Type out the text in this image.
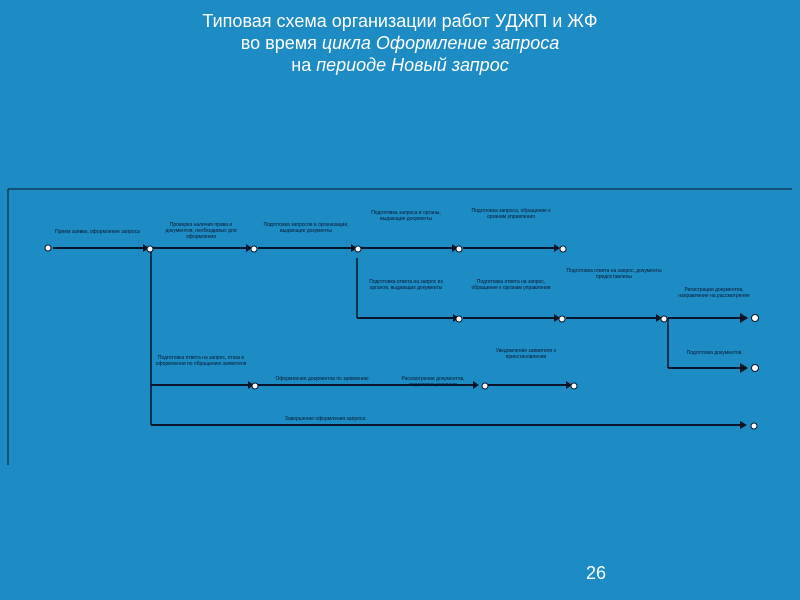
Типовая схема организации работ УДЖП и ЖФ
во время цикла Оформление запроса
на периоде Новый запрос
Прием заявки, оформление запроса
Проверка наличия права и документов, необходимых для оформления
Подготовка запросов в организации, выдающие документы
Подготовка запроса в органы, выдающие документы
Подготовка запроса, обращение к органам управления
Подготовка ответа на запрос из органов, выдающих документы
Подготовка ответа на запрос, обращение к органам управления
Подготовка ответа на запрос, документы предоставлены
Регистрация документов, направление на рассмотрение
Подготовка документов
Подготовка ответа на запрос, отказ в оформлении по обращению заявителя
Оформление документов по заявлению	Рассмотрение документов, подготовка решения
Уведомление заявителя о приостановлении
Завершение оформления запроса
26
